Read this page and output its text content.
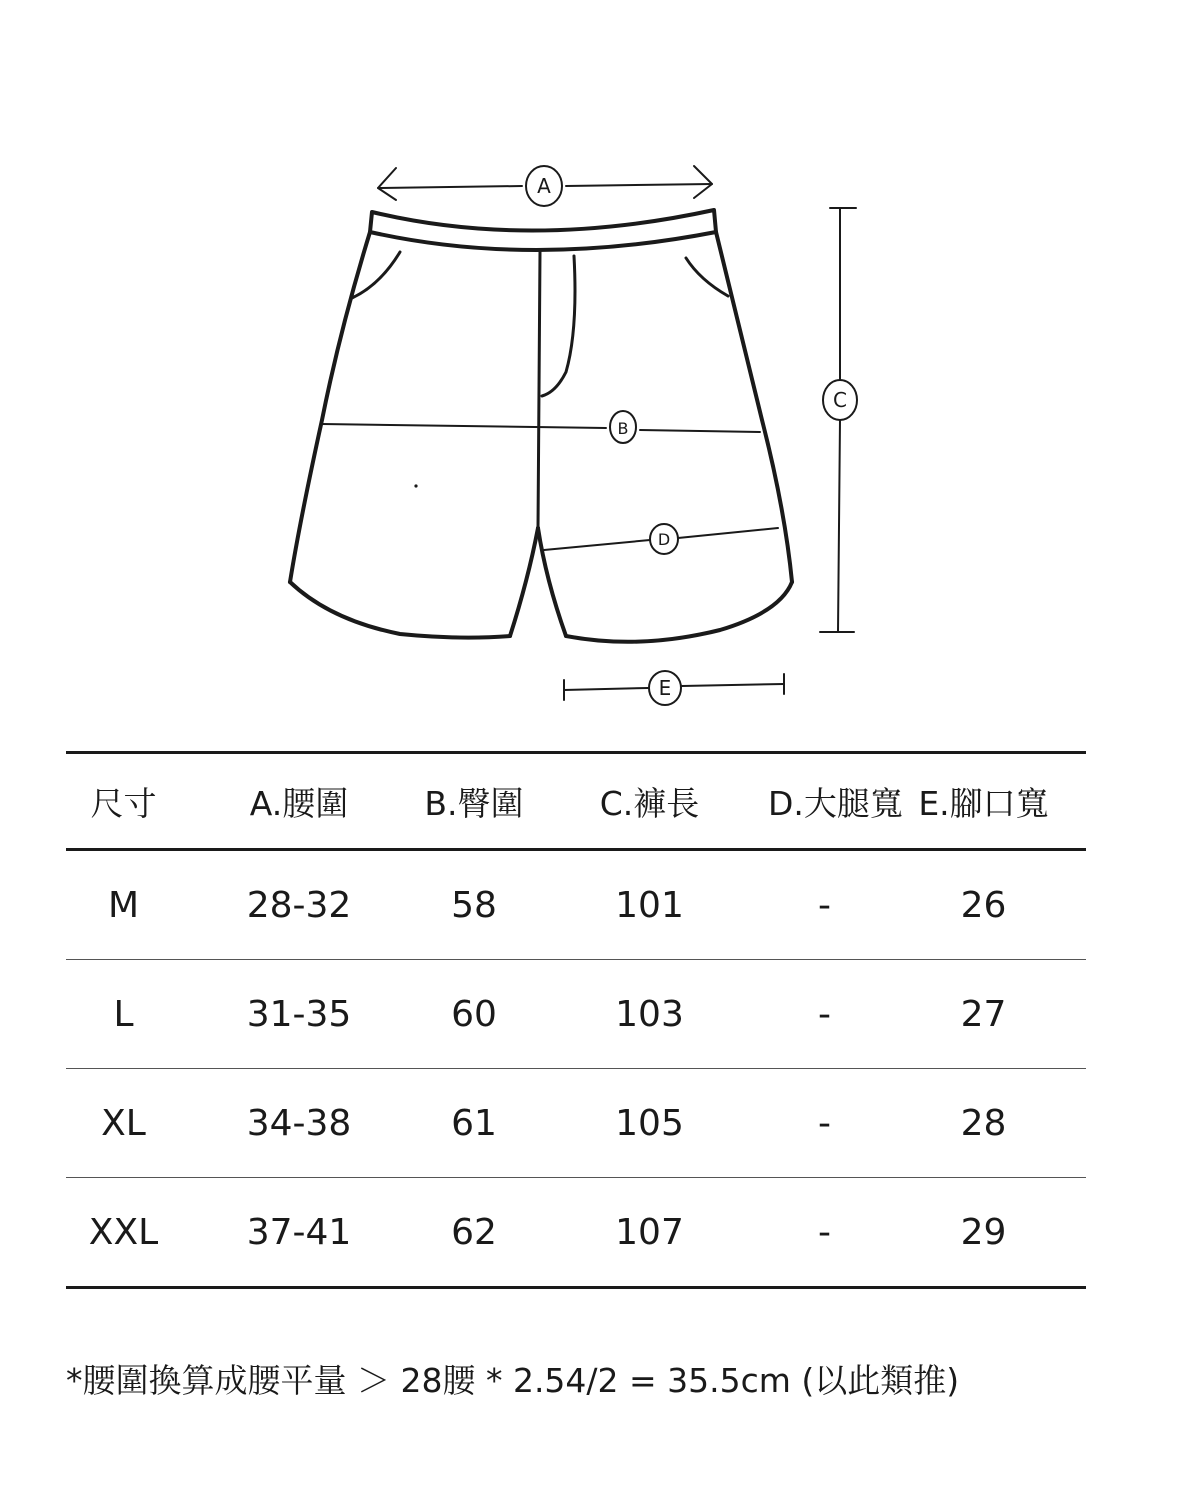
A
B
C
D
E
尺寸	A.腰圍	B.臀圍	C.褲長	D.大腿寬	E.腳口寬
M	28-32	58	101	-	26
L	31-35	60	103	-	27
XL	34-38	61	105	-	28
XXL	37-41	62	107	-	29
*腰圍換算成腰平量 ＞ 28腰 * 2.54/2 = 35.5cm (以此類推)
